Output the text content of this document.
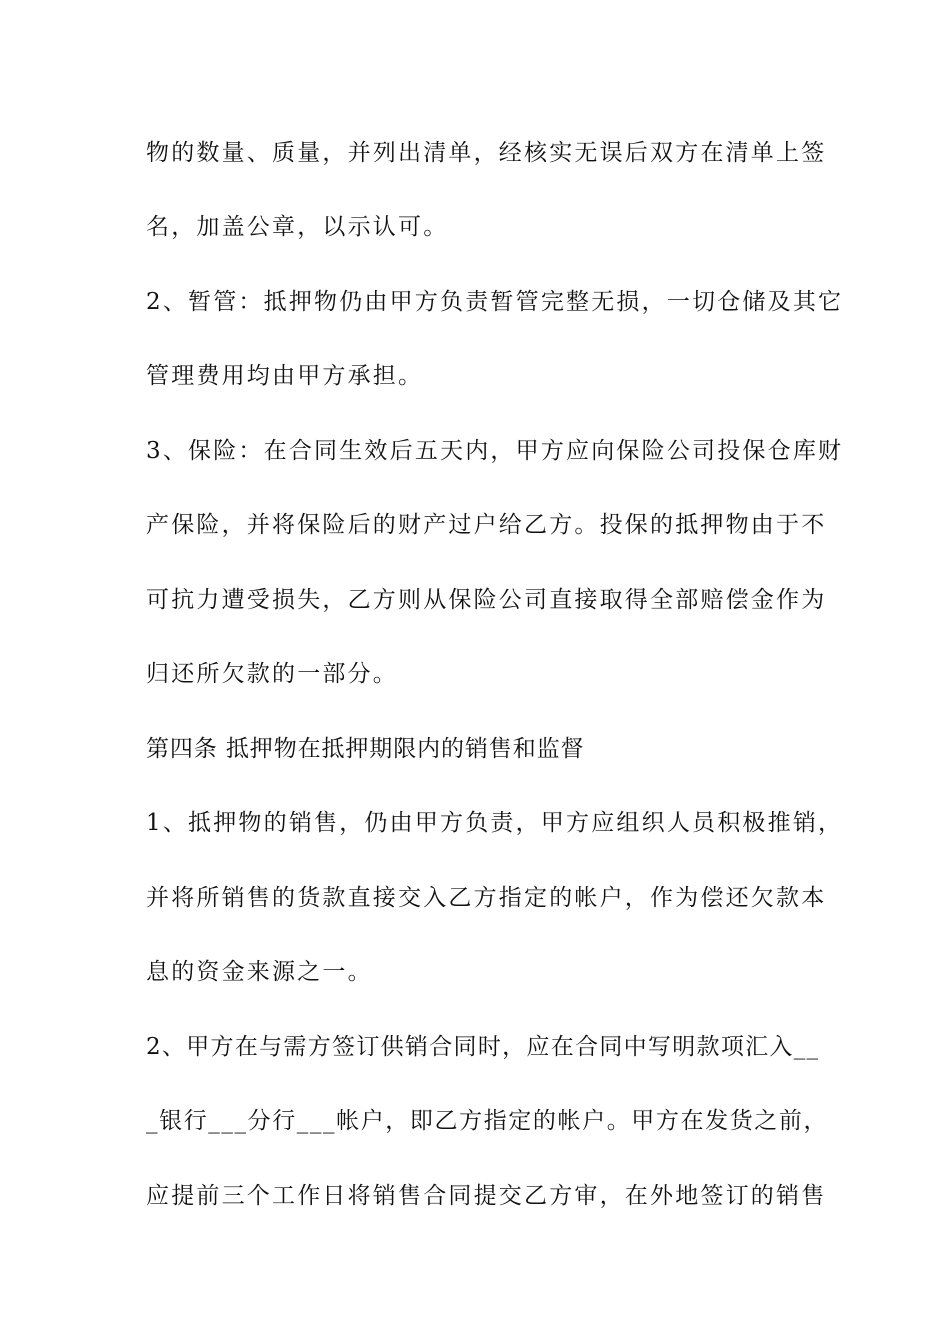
物的数量、质量，并列出清单，经核实无误后双方在清单上签
名，加盖公章，以示认可。
2、暂管：抵押物仍由甲方负责暂管完整无损，一切仓储及其它
管理费用均由甲方承担。
3、保险：在合同生效后五天内，甲方应向保险公司投保仓库财
产保险，并将保险后的财产过户给乙方。投保的抵押物由于不
可抗力遭受损失，乙方则从保险公司直接取得全部赔偿金作为
归还所欠款的一部分。
第四条 抵押物在抵押期限内的销售和监督
1、抵押物的销售，仍由甲方负责，甲方应组织人员积极推销，
并将所销售的货款直接交入乙方指定的帐户，作为偿还欠款本
息的资金来源之一。
2、甲方在与需方签订供销合同时，应在合同中写明款项汇入__
_银行___分行___帐户，即乙方指定的帐户。甲方在发货之前，
应提前三个工作日将销售合同提交乙方审，在外地签订的销售
